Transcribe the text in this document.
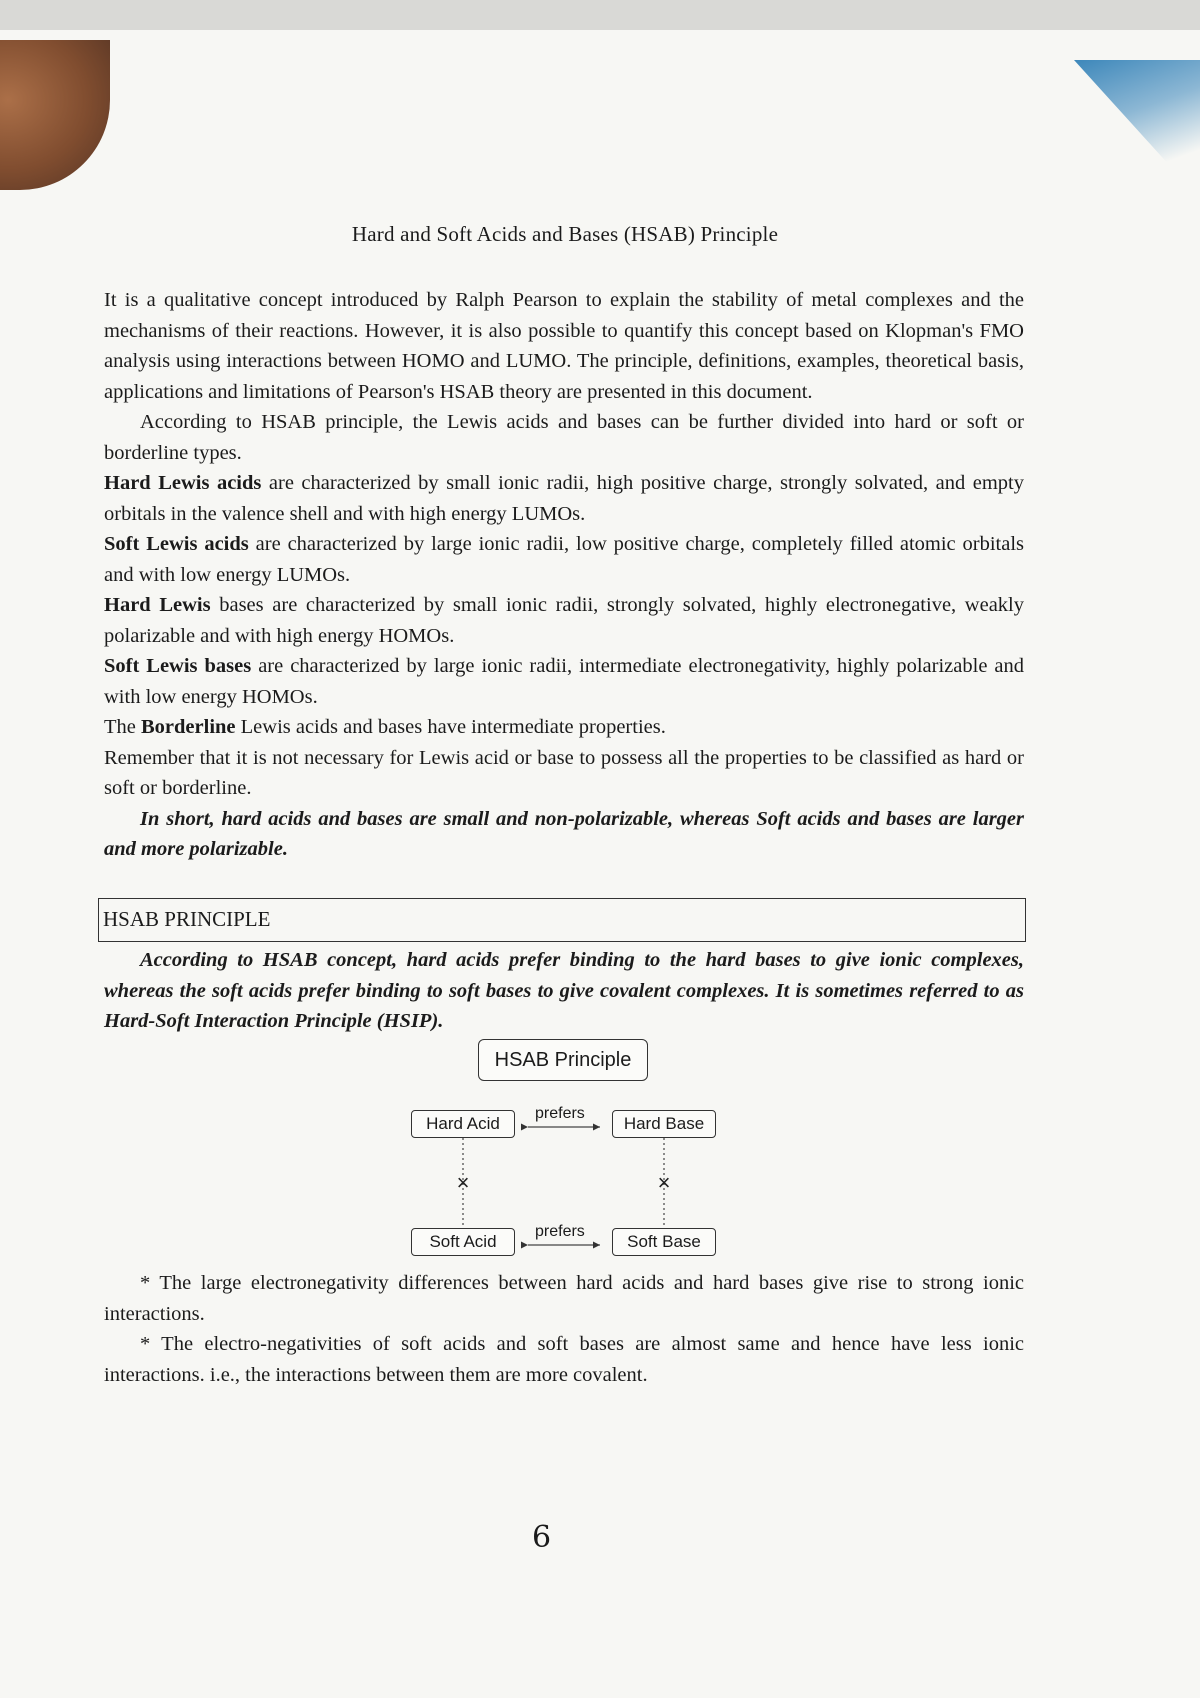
Hard and Soft Acids and Bases (HSAB) Principle
It is a qualitative concept introduced by Ralph Pearson to explain the stability of metal complexes and the mechanisms of their reactions. However, it is also possible to quantify this concept based on Klopman's FMO analysis using interactions between HOMO and LUMO. The principle, definitions, examples, theoretical basis, applications and limitations of Pearson's HSAB theory are presented in this document.
According to HSAB principle, the Lewis acids and bases can be further divided into hard or soft or borderline types.
Hard Lewis acids are characterized by small ionic radii, high positive charge, strongly solvated, and empty orbitals in the valence shell and with high energy LUMOs.
Soft Lewis acids are characterized by large ionic radii, low positive charge, completely filled atomic orbitals and with low energy LUMOs.
Hard Lewis bases are characterized by small ionic radii, strongly solvated, highly electronegative, weakly polarizable and with high energy HOMOs.
Soft Lewis bases are characterized by large ionic radii, intermediate electronegativity, highly polarizable and with low energy HOMOs.
The Borderline Lewis acids and bases have intermediate properties.
Remember that it is not necessary for Lewis acid or base to possess all the properties to be classified as hard or soft or borderline.
In short, hard acids and bases are small and non-polarizable, whereas Soft acids and bases are larger and more polarizable.
HSAB PRINCIPLE
According to HSAB concept, hard acids prefer binding to the hard bases to give ionic complexes, whereas the soft acids prefer binding to soft bases to give covalent complexes. It is sometimes referred to as Hard-Soft Interaction Principle (HSIP).
×	×
HSAB Principle
Hard Acid	Hard Base
Soft Acid	Soft Base
prefers
prefers
* The large electronegativity differences between hard acids and hard bases give rise to strong ionic interactions.
* The electro-negativities of soft acids and soft bases are almost same and hence have less ionic interactions. i.e., the interactions between them are more covalent.
6
